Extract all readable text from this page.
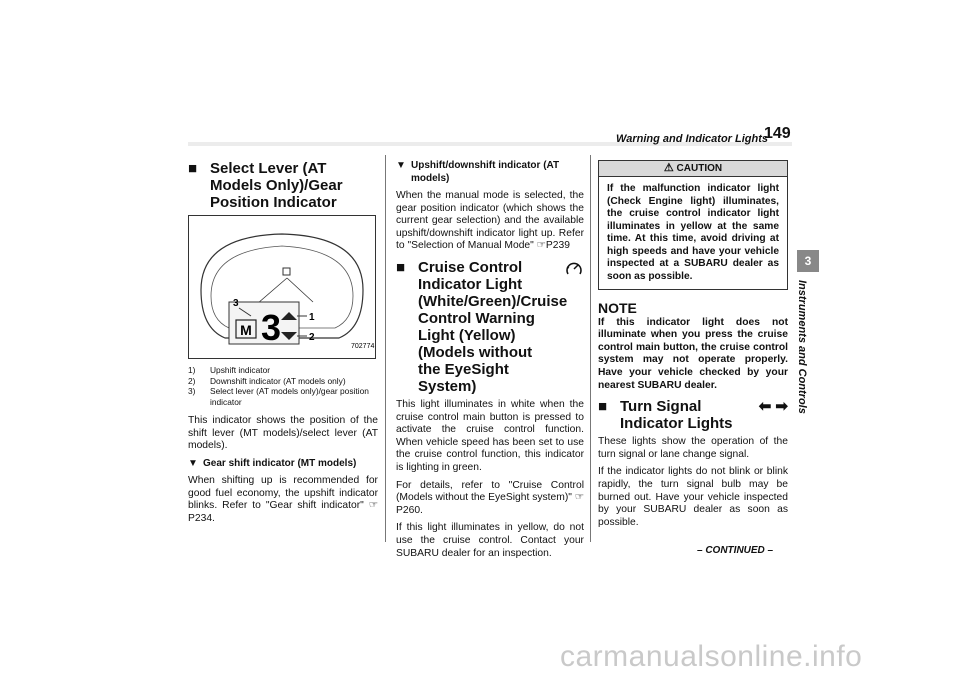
Warning and Indicator Lights
149
3
Instruments and Controls
■ Select Lever (AT Models Only)/Gear Position Indicator
M 3	1
2
3
702774
1) Upshift indicator
2) Downshift indicator (AT models only)
3) Select lever (AT models only)/gear position indicator

This indicator shows the position of the shift lever (MT models)/select lever (AT models).

▼ Gear shift indicator (MT models)

When shifting up is recommended for good fuel economy, the upshift indicator blinks. Refer to "Gear shift indicator" ☞P234.

▼ Upshift/downshift indicator (AT models)

When the manual mode is selected, the gear position indicator (which shows the current gear selection) and the available upshift/downshift indicator light up. Refer to "Selection of Manual Mode" ☞P239

■ Cruise Control Indicator Light (White/Green)/Cruise Control Warning Light (Yellow) (Models without the EyeSight System)

This light illuminates in white when the cruise control main button is pressed to activate the cruise control function. When vehicle speed has been set to use the cruise control function, this indicator is lighting in green.

For details, refer to "Cruise Control (Models without the EyeSight system)" ☞P260.

If this light illuminates in yellow, do not use the cruise control. Contact your SUBARU dealer for an inspection.

⚠ CAUTION
If the malfunction indicator light (Check Engine light) illuminates, the cruise control indicator light illuminates in yellow at the same time. At this time, avoid driving at high speeds and have your vehicle inspected at a SUBARU dealer as soon as possible.
NOTE

If this indicator light does not illuminate when you press the cruise control main button, the cruise control system may not operate properly. Have your vehicle checked by your nearest SUBARU dealer.

■ Turn Signal Indicator Lights
⬅ ➡

These lights show the operation of the turn signal or lane change signal.

If the indicator lights do not blink or blink rapidly, the turn signal bulb may be burned out. Have your vehicle inspected by your SUBARU dealer as soon as possible.

– CONTINUED –
carmanualsonline.info
